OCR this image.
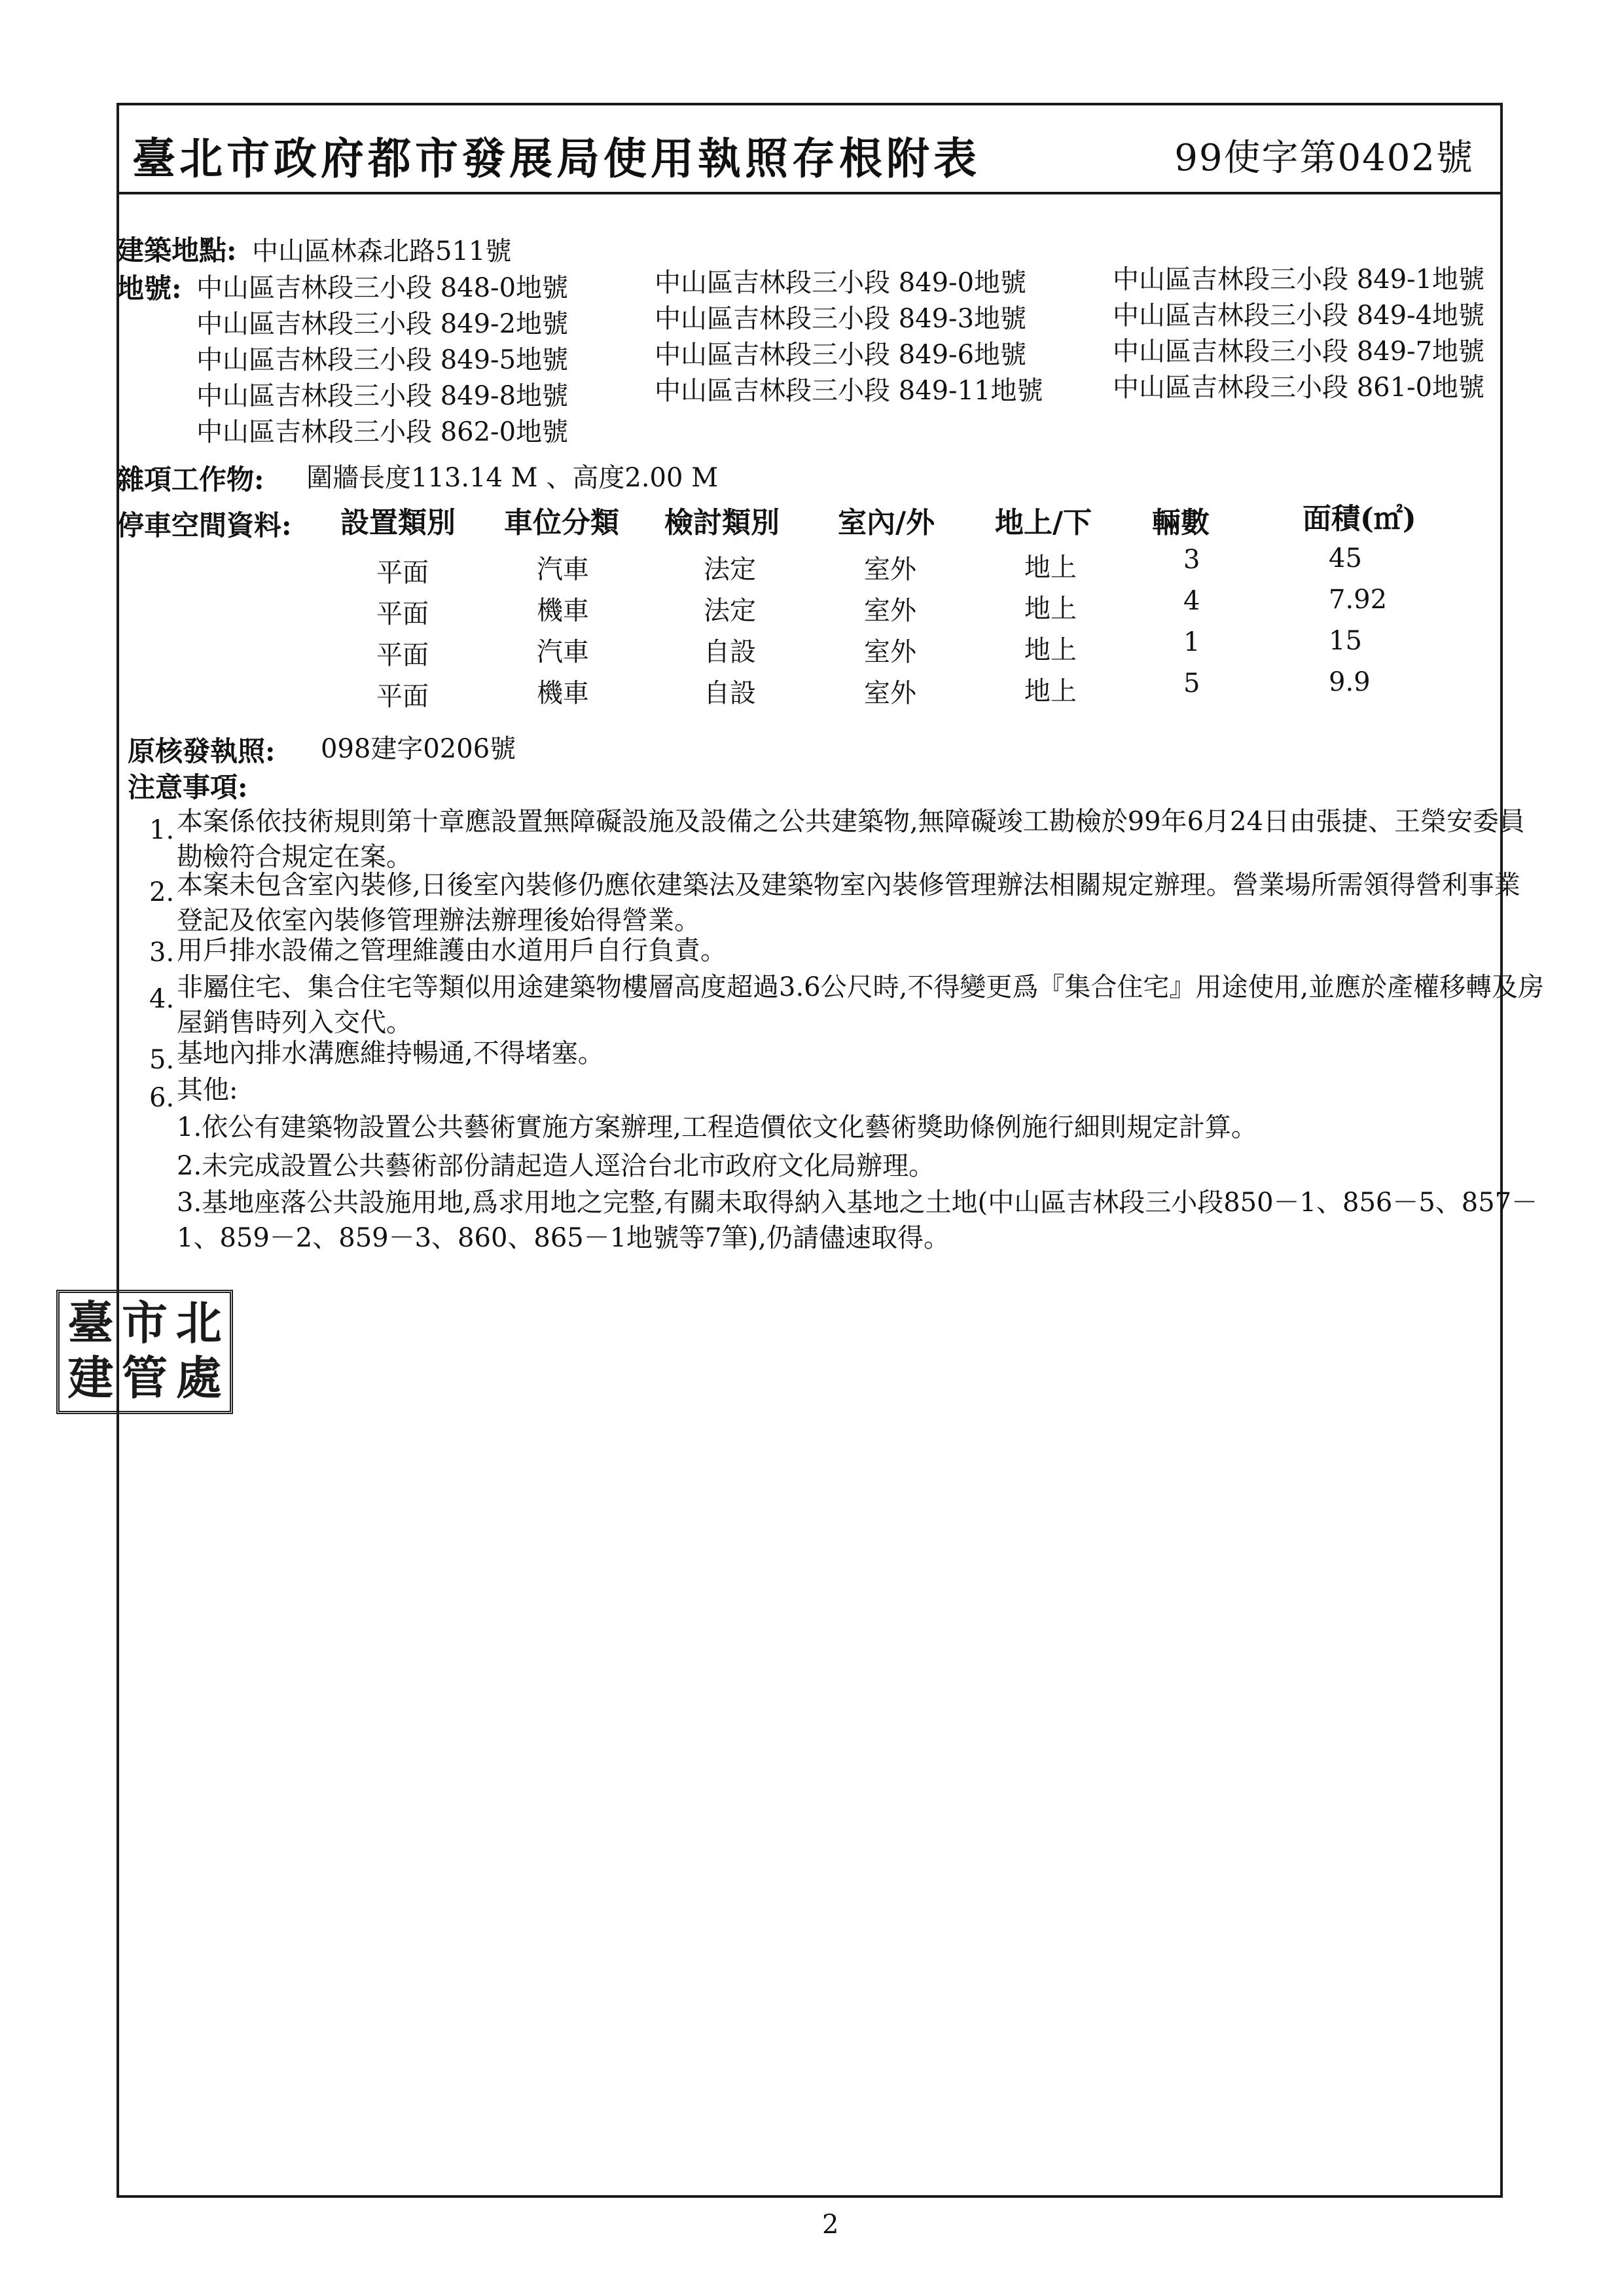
臺北市政府都市發展局使用執照存根附表	99使字第0402號
建築地點: 中山區林森北路511號
地號: 中山區吉林段三小段 848-0地號
中山區吉林段三小段 849-2地號
中山區吉林段三小段 849-5地號
中山區吉林段三小段 849-8地號
中山區吉林段三小段 862-0地號
中山區吉林段三小段 849-0地號
中山區吉林段三小段 849-3地號
中山區吉林段三小段 849-6地號
中山區吉林段三小段 849-11地號
中山區吉林段三小段 849-1地號
中山區吉林段三小段 849-4地號
中山區吉林段三小段 849-7地號
中山區吉林段三小段 861-0地號
雜項工作物: 圍牆長度113.14 M 、高度2.00 M
停車空間資料: 設置類別 車位分類 檢討類別 室內/外 地上/下 輛數	面積(㎡)
平面	汽車	法定	室外	地上	3	45
平面	機車	法定	室外	地上	4	7.92
平面	汽車	自設	室外	地上	1	15
平面	機車	自設	室外	地上	5	9.9
原核發執照: 098建字0206號
注意事項:
1. 本案係依技術規則第十章應設置無障礙設施及設備之公共建築物,無障礙竣工勘檢於99年6月24日由張捷、王榮安委員勘檢符合規定在案。
2. 本案未包含室內裝修,日後室內裝修仍應依建築法及建築物室內裝修管理辦法相關規定辦理。營業場所需領得營利事業登記及依室內裝修管理辦法辦理後始得營業。
3. 用戶排水設備之管理維護由水道用戶自行負責。
4. 非屬住宅、集合住宅等類似用途建築物樓層高度超過3.6公尺時,不得變更爲『集合住宅』用途使用,並應於產權移轉及房屋銷售時列入交代。
5. 基地內排水溝應維持暢通,不得堵塞。
6. 其他:
1.依公有建築物設置公共藝術實施方案辦理,工程造價依文化藝術獎助條例施行細則規定計算。
2.未完成設置公共藝術部份請起造人逕洽台北市政府文化局辦理。
3.基地座落公共設施用地,爲求用地之完整,有關未取得納入基地之土地(中山區吉林段三小段850－1、856－5、857－1、859－2、859－3、860、865－1地號等7筆),仍請儘速取得。
臺 市 北
建 管 處
2
